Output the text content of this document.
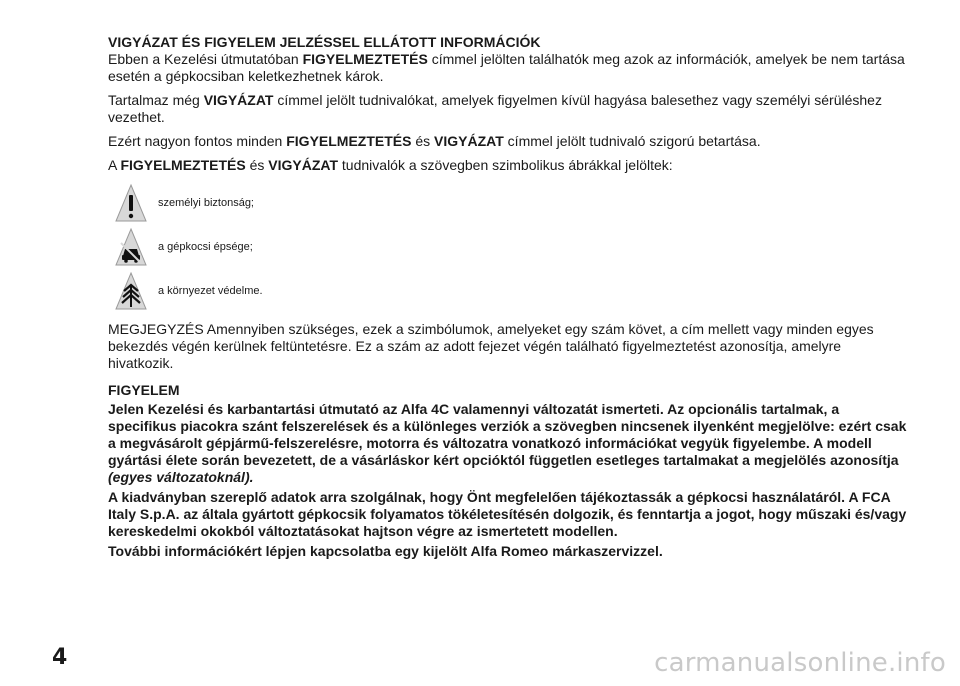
VIGYÁZAT ÉS FIGYELEM JELZÉSSEL ELLÁTOTT INFORMÁCIÓK

Ebben a Kezelési útmutatóban FIGYELMEZTETÉS címmel jelölten találhatók meg azok az információk, amelyek be nem tartása esetén a gépkocsiban keletkezhetnek károk.

Tartalmaz még VIGYÁZAT címmel jelölt tudnivalókat, amelyek figyelmen kívül hagyása balesethez vagy személyi sérüléshez vezethet.

Ezért nagyon fontos minden FIGYELMEZTETÉS és VIGYÁZAT címmel jelölt tudnivaló szigorú betartása.

A FIGYELMEZTETÉS és VIGYÁZAT tudnivalók a szövegben szimbolikus ábrákkal jelöltek:

személyi biztonság;
a gépkocsi épsége;
a környezet védelme.

MEGJEGYZÉS Amennyiben szükséges, ezek a szimbólumok, amelyeket egy szám követ, a cím mellett vagy minden egyes bekezdés végén kerülnek feltüntetésre. Ez a szám az adott fejezet végén található figyelmeztetést azonosítja, amelyre hivatkozik.

FIGYELEM

Jelen Kezelési és karbantartási útmutató az Alfa 4C valamennyi változatát ismerteti. Az opcionális tartalmak, a specifikus piacokra szánt felszerelések és a különleges verziók a szövegben nincsenek ilyenként megjelölve: ezért csak a megvásárolt gépjármű-felszerelésre, motorra és változatra vonatkozó információkat vegyük figyelembe. A modell gyártási élete során bevezetett, de a vásárláskor kért opcióktól független esetleges tartalmakat a megjelölés azonosítja (egyes változatoknál).

A kiadványban szereplő adatok arra szolgálnak, hogy Önt megfelelően tájékoztassák a gépkocsi használatáról. A FCA Italy S.p.A. az általa gyártott gépkocsik folyamatos tökéletesítésén dolgozik, és fenntartja a jogot, hogy műszaki és/vagy kereskedelmi okokból változtatásokat hajtson végre az ismertetett modellen.

További információkért lépjen kapcsolatba egy kijelölt Alfa Romeo márkaszervizzel.

4	carmanualsonline.info
